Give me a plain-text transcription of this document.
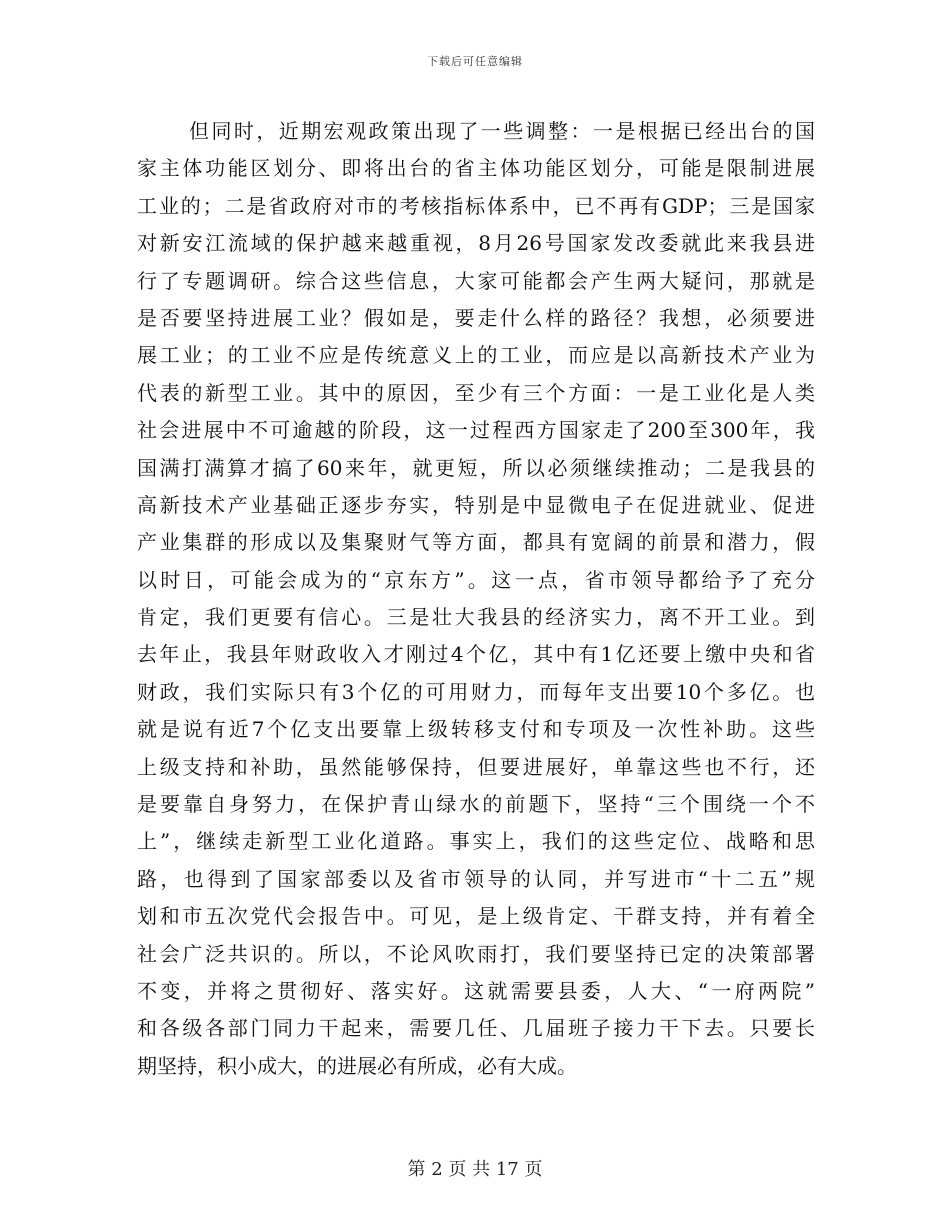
下载后可任意编辑
但同时，近期宏观政策出现了一些调整：一是根据已经出台的国
家主体功能区划分、即将出台的省主体功能区划分，可能是限制进展
工业的；二是省政府对市的考核指标体系中，已不再有GDP；三是国家
对新安江流域的保护越来越重视，8月26号国家发改委就此来我县进
行了专题调研。综合这些信息，大家可能都会产生两大疑问，那就是
是否要坚持进展工业？假如是，要走什么样的路径？我想，必须要进
展工业；的工业不应是传统意义上的工业，而应是以高新技术产业为
代表的新型工业。其中的原因，至少有三个方面：一是工业化是人类
社会进展中不可逾越的阶段，这一过程西方国家走了200至300年，我
国满打满算才搞了60来年，就更短，所以必须继续推动；二是我县的
高新技术产业基础正逐步夯实，特别是中显微电子在促进就业、促进
产业集群的形成以及集聚财气等方面，都具有宽阔的前景和潜力，假
以时日，可能会成为的“京东方”。这一点，省市领导都给予了充分
肯定，我们更要有信心。三是壮大我县的经济实力，离不开工业。到
去年止，我县年财政收入才刚过4个亿，其中有1亿还要上缴中央和省
财政，我们实际只有3个亿的可用财力，而每年支出要10个多亿。也
就是说有近7个亿支出要靠上级转移支付和专项及一次性补助。这些
上级支持和补助，虽然能够保持，但要进展好，单靠这些也不行，还
是要靠自身努力，在保护青山绿水的前题下，坚持“三个围绕一个不
上”，继续走新型工业化道路。事实上，我们的这些定位、战略和思
路，也得到了国家部委以及省市领导的认同，并写进市“十二五”规
划和市五次党代会报告中。可见，是上级肯定、干群支持，并有着全
社会广泛共识的。所以，不论风吹雨打，我们要坚持已定的决策部署
不变，并将之贯彻好、落实好。这就需要县委，人大、“一府两院”
和各级各部门同力干起来，需要几任、几届班子接力干下去。只要长
期坚持，积小成大，的进展必有所成，必有大成。
第 2 页 共 17 页
